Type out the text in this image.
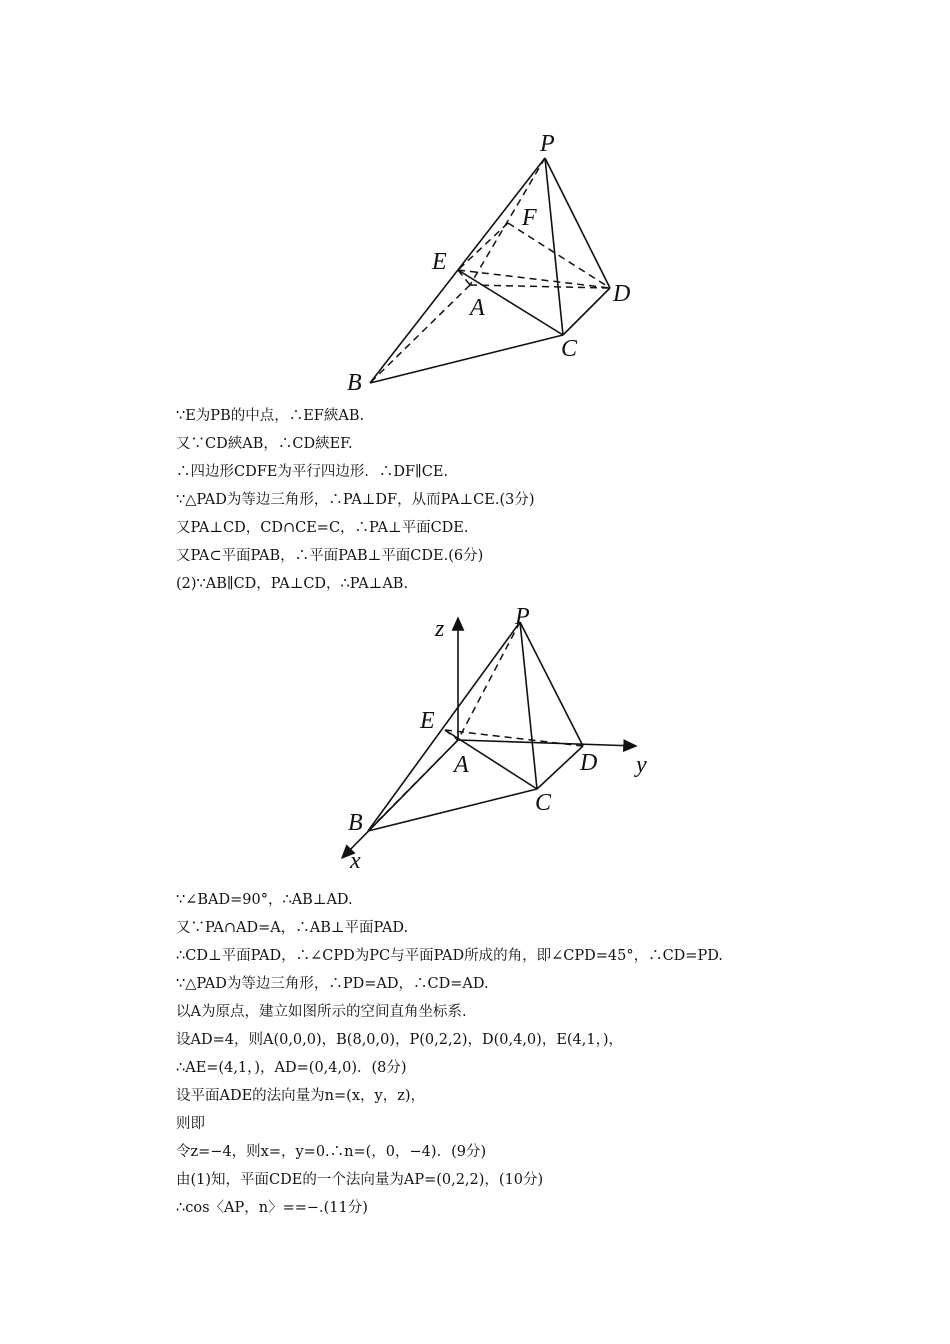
P
F
E
A
D
C
B
∵E为PB的中点，∴EF綊AB.
又∵CD綊AB，∴CD綊EF.
∴四边形CDFE为平行四边形．∴DF∥CE.
∵△PAD为等边三角形，∴PA⊥DF，从而PA⊥CE.(3分)
又PA⊥CD，CD∩CE=C，∴PA⊥平面CDE.
又PA⊂平面PAB，∴平面PAB⊥平面CDE.(6分)
(2)∵AB∥CD，PA⊥CD，∴PA⊥AB.
z	P
E
A	D y
C
B
x
∵∠BAD=90°，∴AB⊥AD.
又∵PA∩AD=A，∴AB⊥平面PAD.
∴CD⊥平面PAD，∴∠CPD为PC与平面PAD所成的角，即∠CPD=45°，∴CD=PD.
∵△PAD为等边三角形，∴PD=AD，∴CD=AD.
以A为原点，建立如图所示的空间直角坐标系.
设AD=4，则A(0,0,0)，B(8,0,0)，P(0,2,2)，D(0,4,0)，E(4,1，)，
∴AE=(4,1，)，AD=(0,4,0)．(8分)
设平面ADE的法向量为n=(x，y，z)，
则即
令z=−4，则x=，y=0.∴n=(，0，−4)．(9分)
由(1)知，平面CDE的一个法向量为AP=(0,2,2)，(10分)
∴cos〈AP，n〉==−.(11分)
